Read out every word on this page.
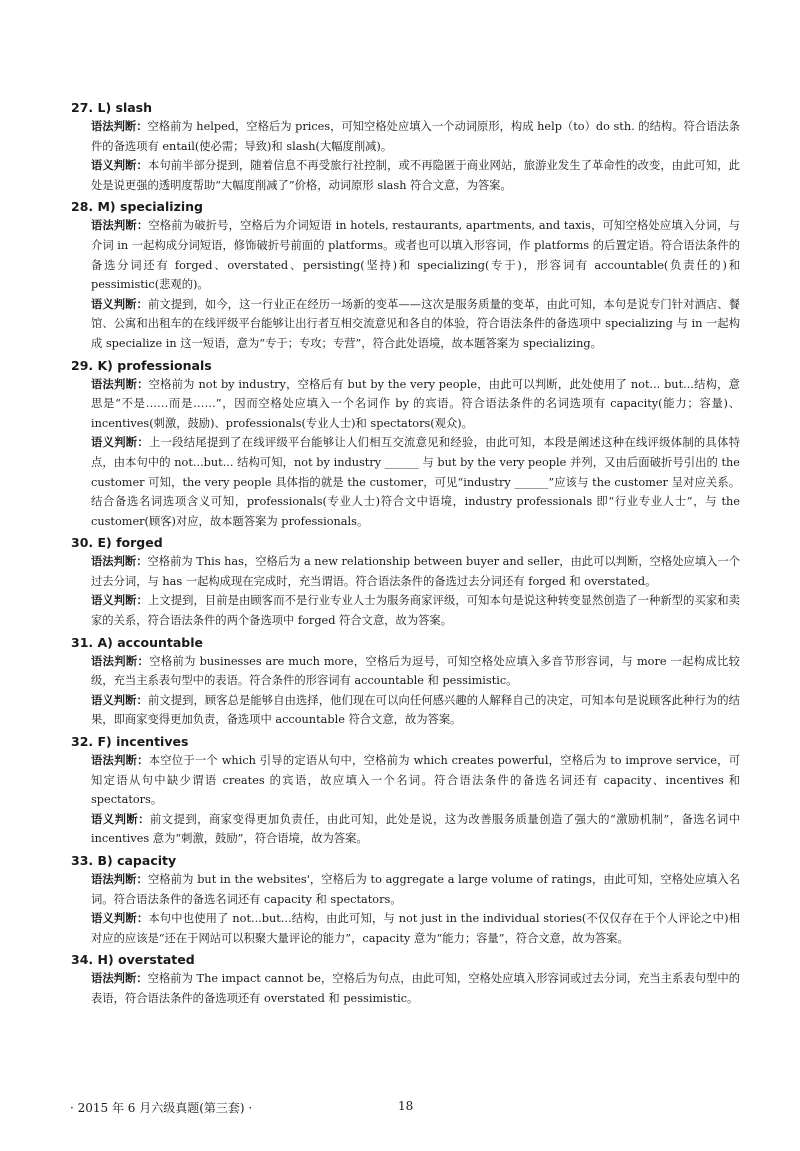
27. L) slash
语法判断：空格前为 helped，空格后为 prices，可知空格处应填入一个动词原形，构成 help（to）do sth. 的结构。符合语法条件的备选项有 entail(使必需；导致)和 slash(大幅度削减)。
语义判断：本句前半部分提到，随着信息不再受旅行社控制，或不再隐匿于商业网站，旅游业发生了革命性的改变，由此可知，此处是说更强的透明度帮助“大幅度削减了”价格，动词原形 slash 符合文意，为答案。
28. M) specializing
语法判断：空格前为破折号，空格后为介词短语 in hotels, restaurants, apartments, and taxis，可知空格处应填入分词，与介词 in 一起构成分词短语，修饰破折号前面的 platforms。或者也可以填入形容词，作 platforms 的后置定语。符合语法条件的备选分词还有 forged、overstated、persisting(坚持)和 specializing(专于)，形容词有 accountable(负责任的)和 pessimistic(悲观的)。
语义判断：前文提到，如今，这一行业正在经历一场新的变革——这次是服务质量的变革，由此可知，本句是说专门针对酒店、餐馆、公寓和出租车的在线评级平台能够让出行者互相交流意见和各自的体验，符合语法条件的备选项中 specializing 与 in 一起构成 specialize in 这一短语，意为“专于；专攻；专营”，符合此处语境，故本题答案为 specializing。
29. K) professionals
语法判断：空格前为 not by industry，空格后有 but by the very people，由此可以判断，此处使用了 not... but...结构，意思是“不是……而是……”，因而空格处应填入一个名词作 by 的宾语。符合语法条件的名词选项有 capacity(能力；容量)、incentives(刺激，鼓励)、professionals(专业人士)和 spectators(观众)。
语义判断：上一段结尾提到了在线评级平台能够让人们相互交流意见和经验，由此可知，本段是阐述这种在线评级体制的具体特点，由本句中的 not...but... 结构可知，not by industry ______ 与 but by the very people 并列，又由后面破折号引出的 the customer 可知，the very people 具体指的就是 the customer，可见“industry ______”应该与 the customer 呈对应关系。结合备选名词选项含义可知，professionals(专业人士)符合文中语境，industry professionals 即“行业专业人士”，与 the customer(顾客)对应，故本题答案为 professionals。
30. E) forged
语法判断：空格前为 This has，空格后为 a new relationship between buyer and seller，由此可以判断，空格处应填入一个过去分词，与 has 一起构成现在完成时，充当谓语。符合语法条件的备选过去分词还有 forged 和 overstated。
语义判断：上文提到，目前是由顾客而不是行业专业人士为服务商家评级，可知本句是说这种转变显然创造了一种新型的买家和卖家的关系，符合语法条件的两个备选项中 forged 符合文意，故为答案。
31. A) accountable
语法判断：空格前为 businesses are much more，空格后为逗号，可知空格处应填入多音节形容词，与 more 一起构成比较级，充当主系表句型中的表语。符合条件的形容词有 accountable 和 pessimistic。
语义判断：前文提到，顾客总是能够自由选择，他们现在可以向任何感兴趣的人解释自己的决定，可知本句是说顾客此种行为的结果，即商家变得更加负责，备选项中 accountable 符合文意，故为答案。
32. F) incentives
语法判断：本空位于一个 which 引导的定语从句中，空格前为 which creates powerful，空格后为 to improve service，可知定语从句中缺少谓语 creates 的宾语，故应填入一个名词。符合语法条件的备选名词还有 capacity、incentives 和 spectators。
语义判断：前文提到，商家变得更加负责任，由此可知，此处是说，这为改善服务质量创造了强大的“激励机制”，备选名词中 incentives 意为“刺激，鼓励”，符合语境，故为答案。
33. B) capacity
语法判断：空格前为 but in the websites'，空格后为 to aggregate a large volume of ratings，由此可知，空格处应填入名词。符合语法条件的备选名词还有 capacity 和 spectators。
语义判断：本句中也使用了 not...but...结构，由此可知，与 not just in the individual stories(不仅仅存在于个人评论之中)相对应的应该是“还在于网站可以积聚大量评论的能力”，capacity 意为“能力；容量”，符合文意，故为答案。
34. H) overstated
语法判断：空格前为 The impact cannot be，空格后为句点，由此可知，空格处应填入形容词或过去分词，充当主系表句型中的表语，符合语法条件的备选项还有 overstated 和 pessimistic。
· 2015 年 6 月六级真题(第三套) ·	18
